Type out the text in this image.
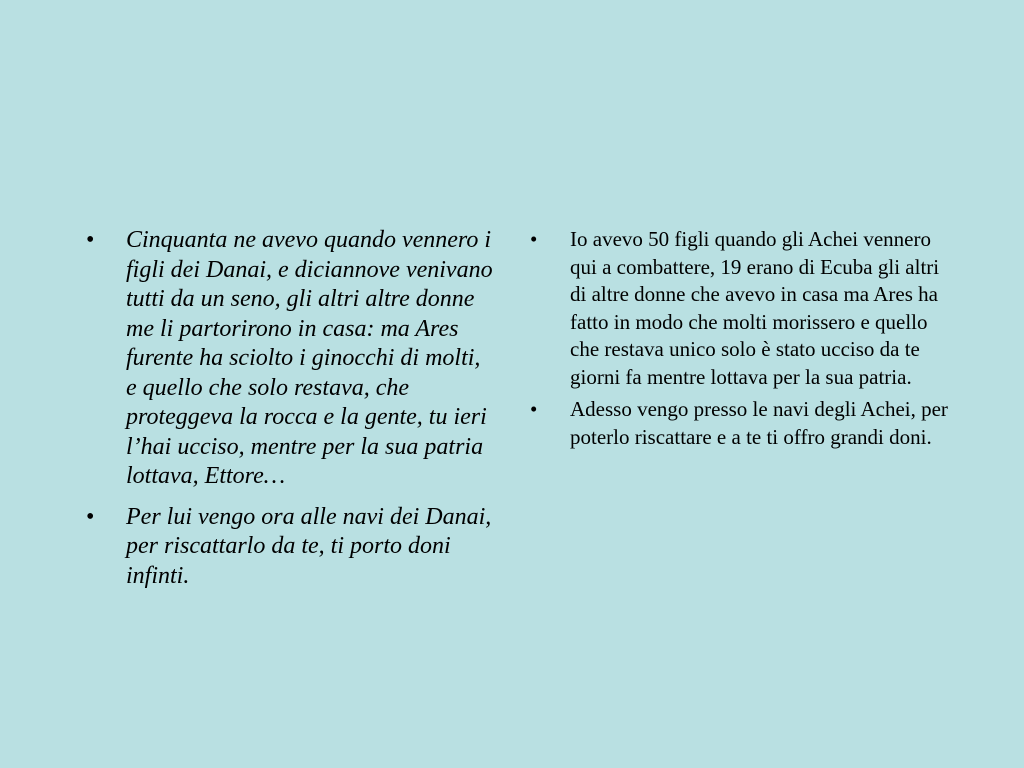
• Cinquanta ne avevo quando vennero i figli dei Danai, e diciannove venivano tutti da un seno, gli altri altre donne me li partorirono in casa: ma Ares furente ha sciolto i ginocchi di molti, e quello che solo restava, che proteggeva la rocca e la gente, tu ieri l’hai ucciso, mentre per la sua patria lottava, Ettore…
• Per lui vengo ora alle navi dei Danai, per riscattarlo da te, ti porto doni infinti.
• Io avevo 50 figli quando gli Achei vennero qui a combattere, 19 erano di Ecuba gli altri di altre donne che avevo in casa ma Ares ha fatto in modo che molti morissero e quello che restava unico solo è stato ucciso da te giorni fa mentre lottava per la sua patria.
• Adesso vengo presso le navi degli Achei, per poterlo riscattare e a te ti offro grandi doni.
